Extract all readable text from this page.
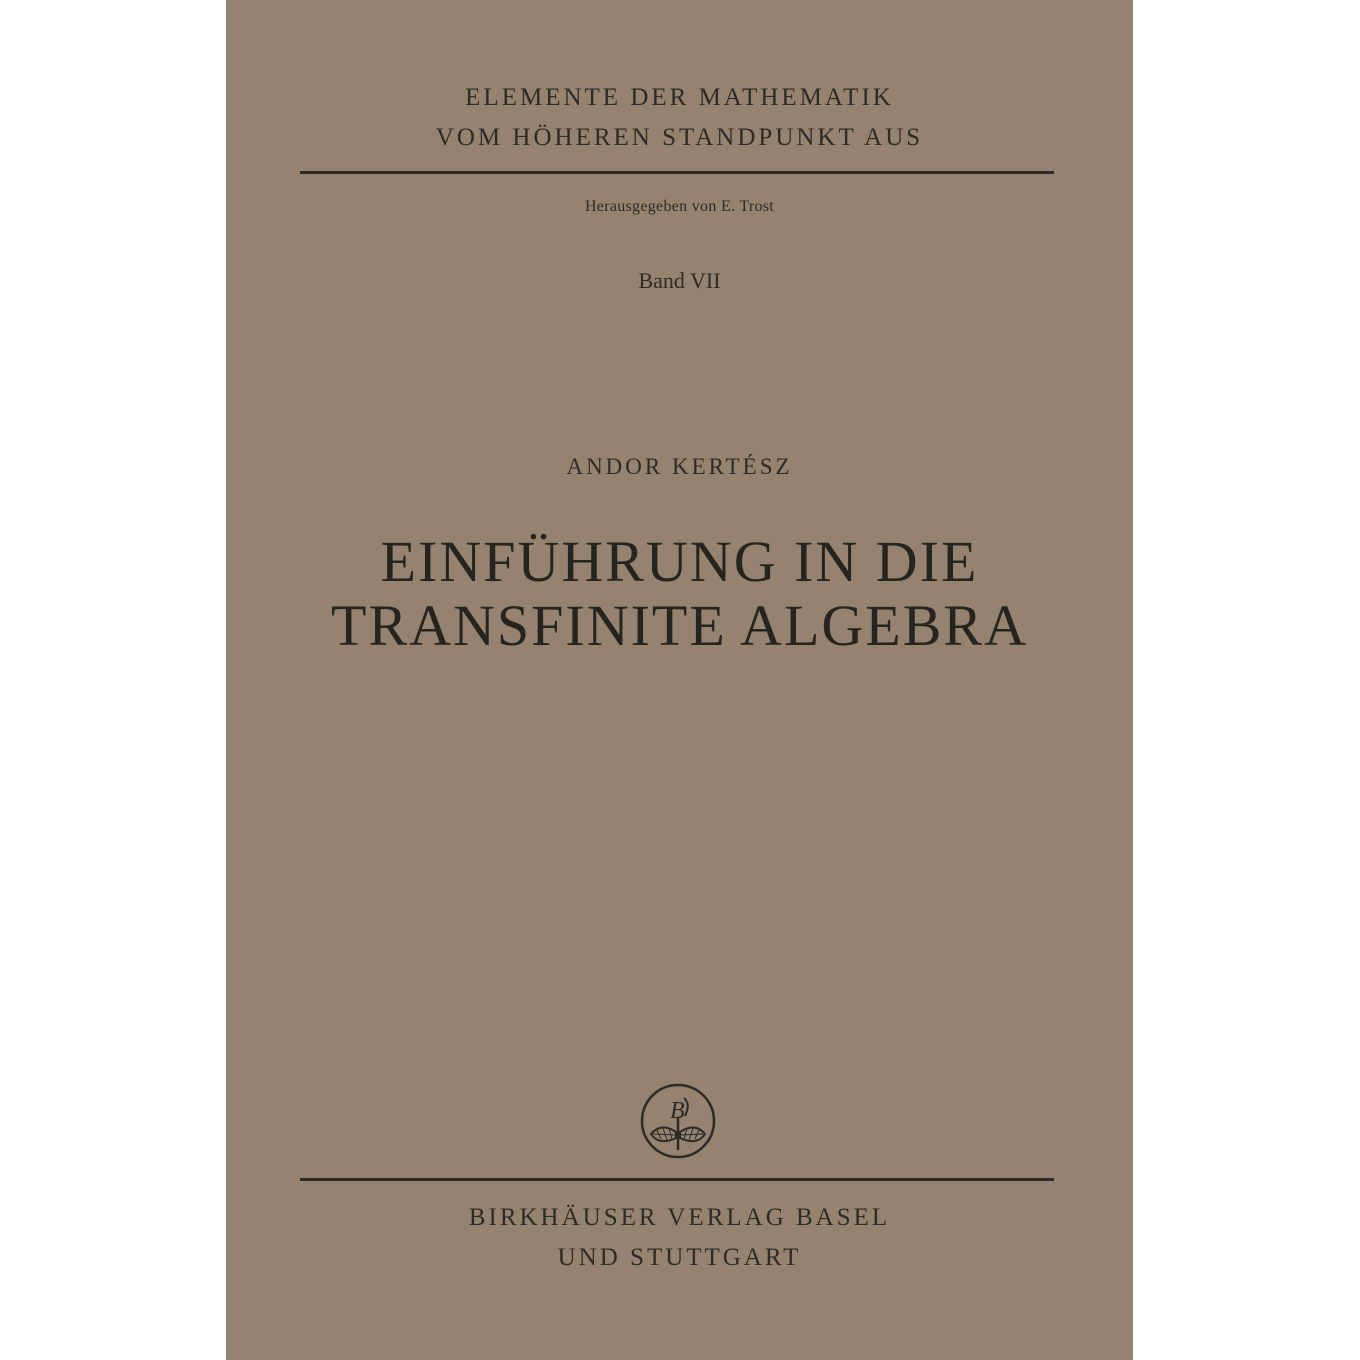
ELEMENTE DER MATHEMATIK
VOM HÖHEREN STANDPUNKT AUS
Herausgegeben von E. Trost
Band VII
ANDOR KERTÉSZ
EINFÜHRUNG IN DIE
TRANSFINITE ALGEBRA
B
BIRKHÄUSER VERLAG BASEL
UND STUTTGART
